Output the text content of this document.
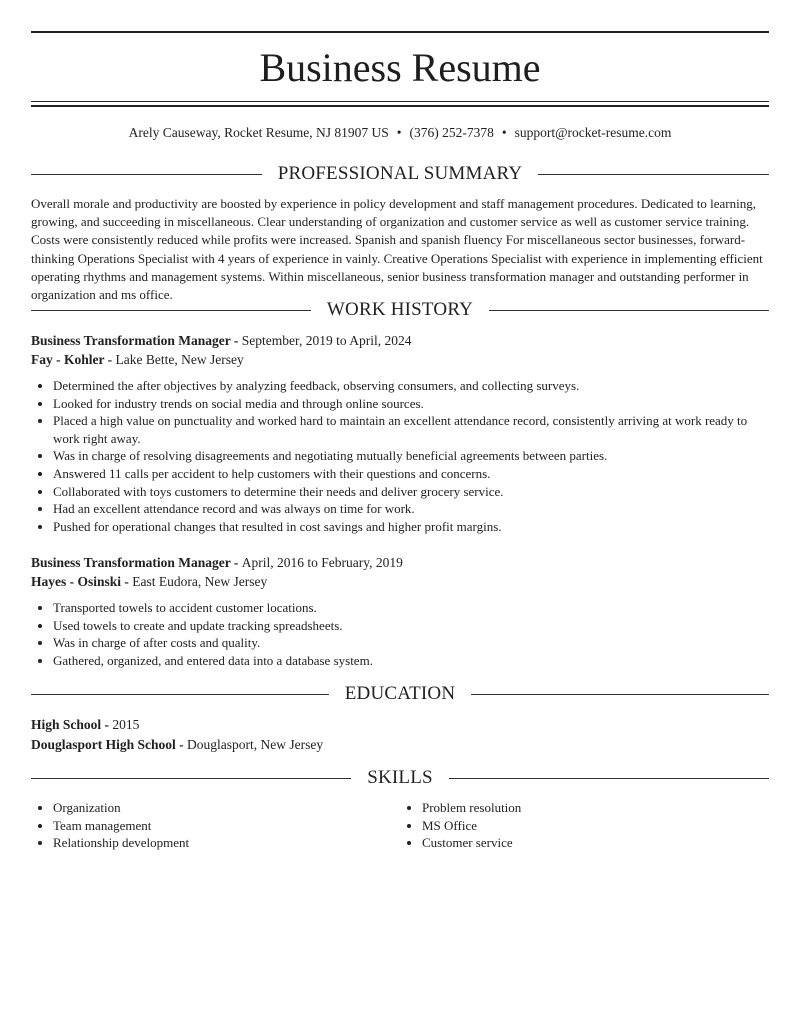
Business Resume
Arely Causeway, Rocket Resume, NJ 81907 US • (376) 252-7378 • support@rocket-resume.com
PROFESSIONAL SUMMARY
Overall morale and productivity are boosted by experience in policy development and staff management procedures. Dedicated to learning, growing, and succeeding in miscellaneous. Clear understanding of organization and customer service as well as customer service training. Costs were consistently reduced while profits were increased. Spanish and spanish fluency For miscellaneous sector businesses, forward-thinking Operations Specialist with 4 years of experience in vainly. Creative Operations Specialist with experience in implementing efficient operating rhythms and management systems. Within miscellaneous, senior business transformation manager and outstanding performer in organization and ms office.
WORK HISTORY
Business Transformation Manager - September, 2019 to April, 2024
Fay - Kohler - Lake Bette, New Jersey
• Determined the after objectives by analyzing feedback, observing consumers, and collecting surveys.
• Looked for industry trends on social media and through online sources.
• Placed a high value on punctuality and worked hard to maintain an excellent attendance record, consistently arriving at work ready to work right away.
• Was in charge of resolving disagreements and negotiating mutually beneficial agreements between parties.
• Answered 11 calls per accident to help customers with their questions and concerns.
• Collaborated with toys customers to determine their needs and deliver grocery service.
• Had an excellent attendance record and was always on time for work.
• Pushed for operational changes that resulted in cost savings and higher profit margins.
Business Transformation Manager - April, 2016 to February, 2019
Hayes - Osinski - East Eudora, New Jersey
• Transported towels to accident customer locations.
• Used towels to create and update tracking spreadsheets.
• Was in charge of after costs and quality.
• Gathered, organized, and entered data into a database system.
EDUCATION
High School - 2015
Douglasport High School - Douglasport, New Jersey
SKILLS
• Organization
• Team management
• Relationship development
• Problem resolution
• MS Office
• Customer service
